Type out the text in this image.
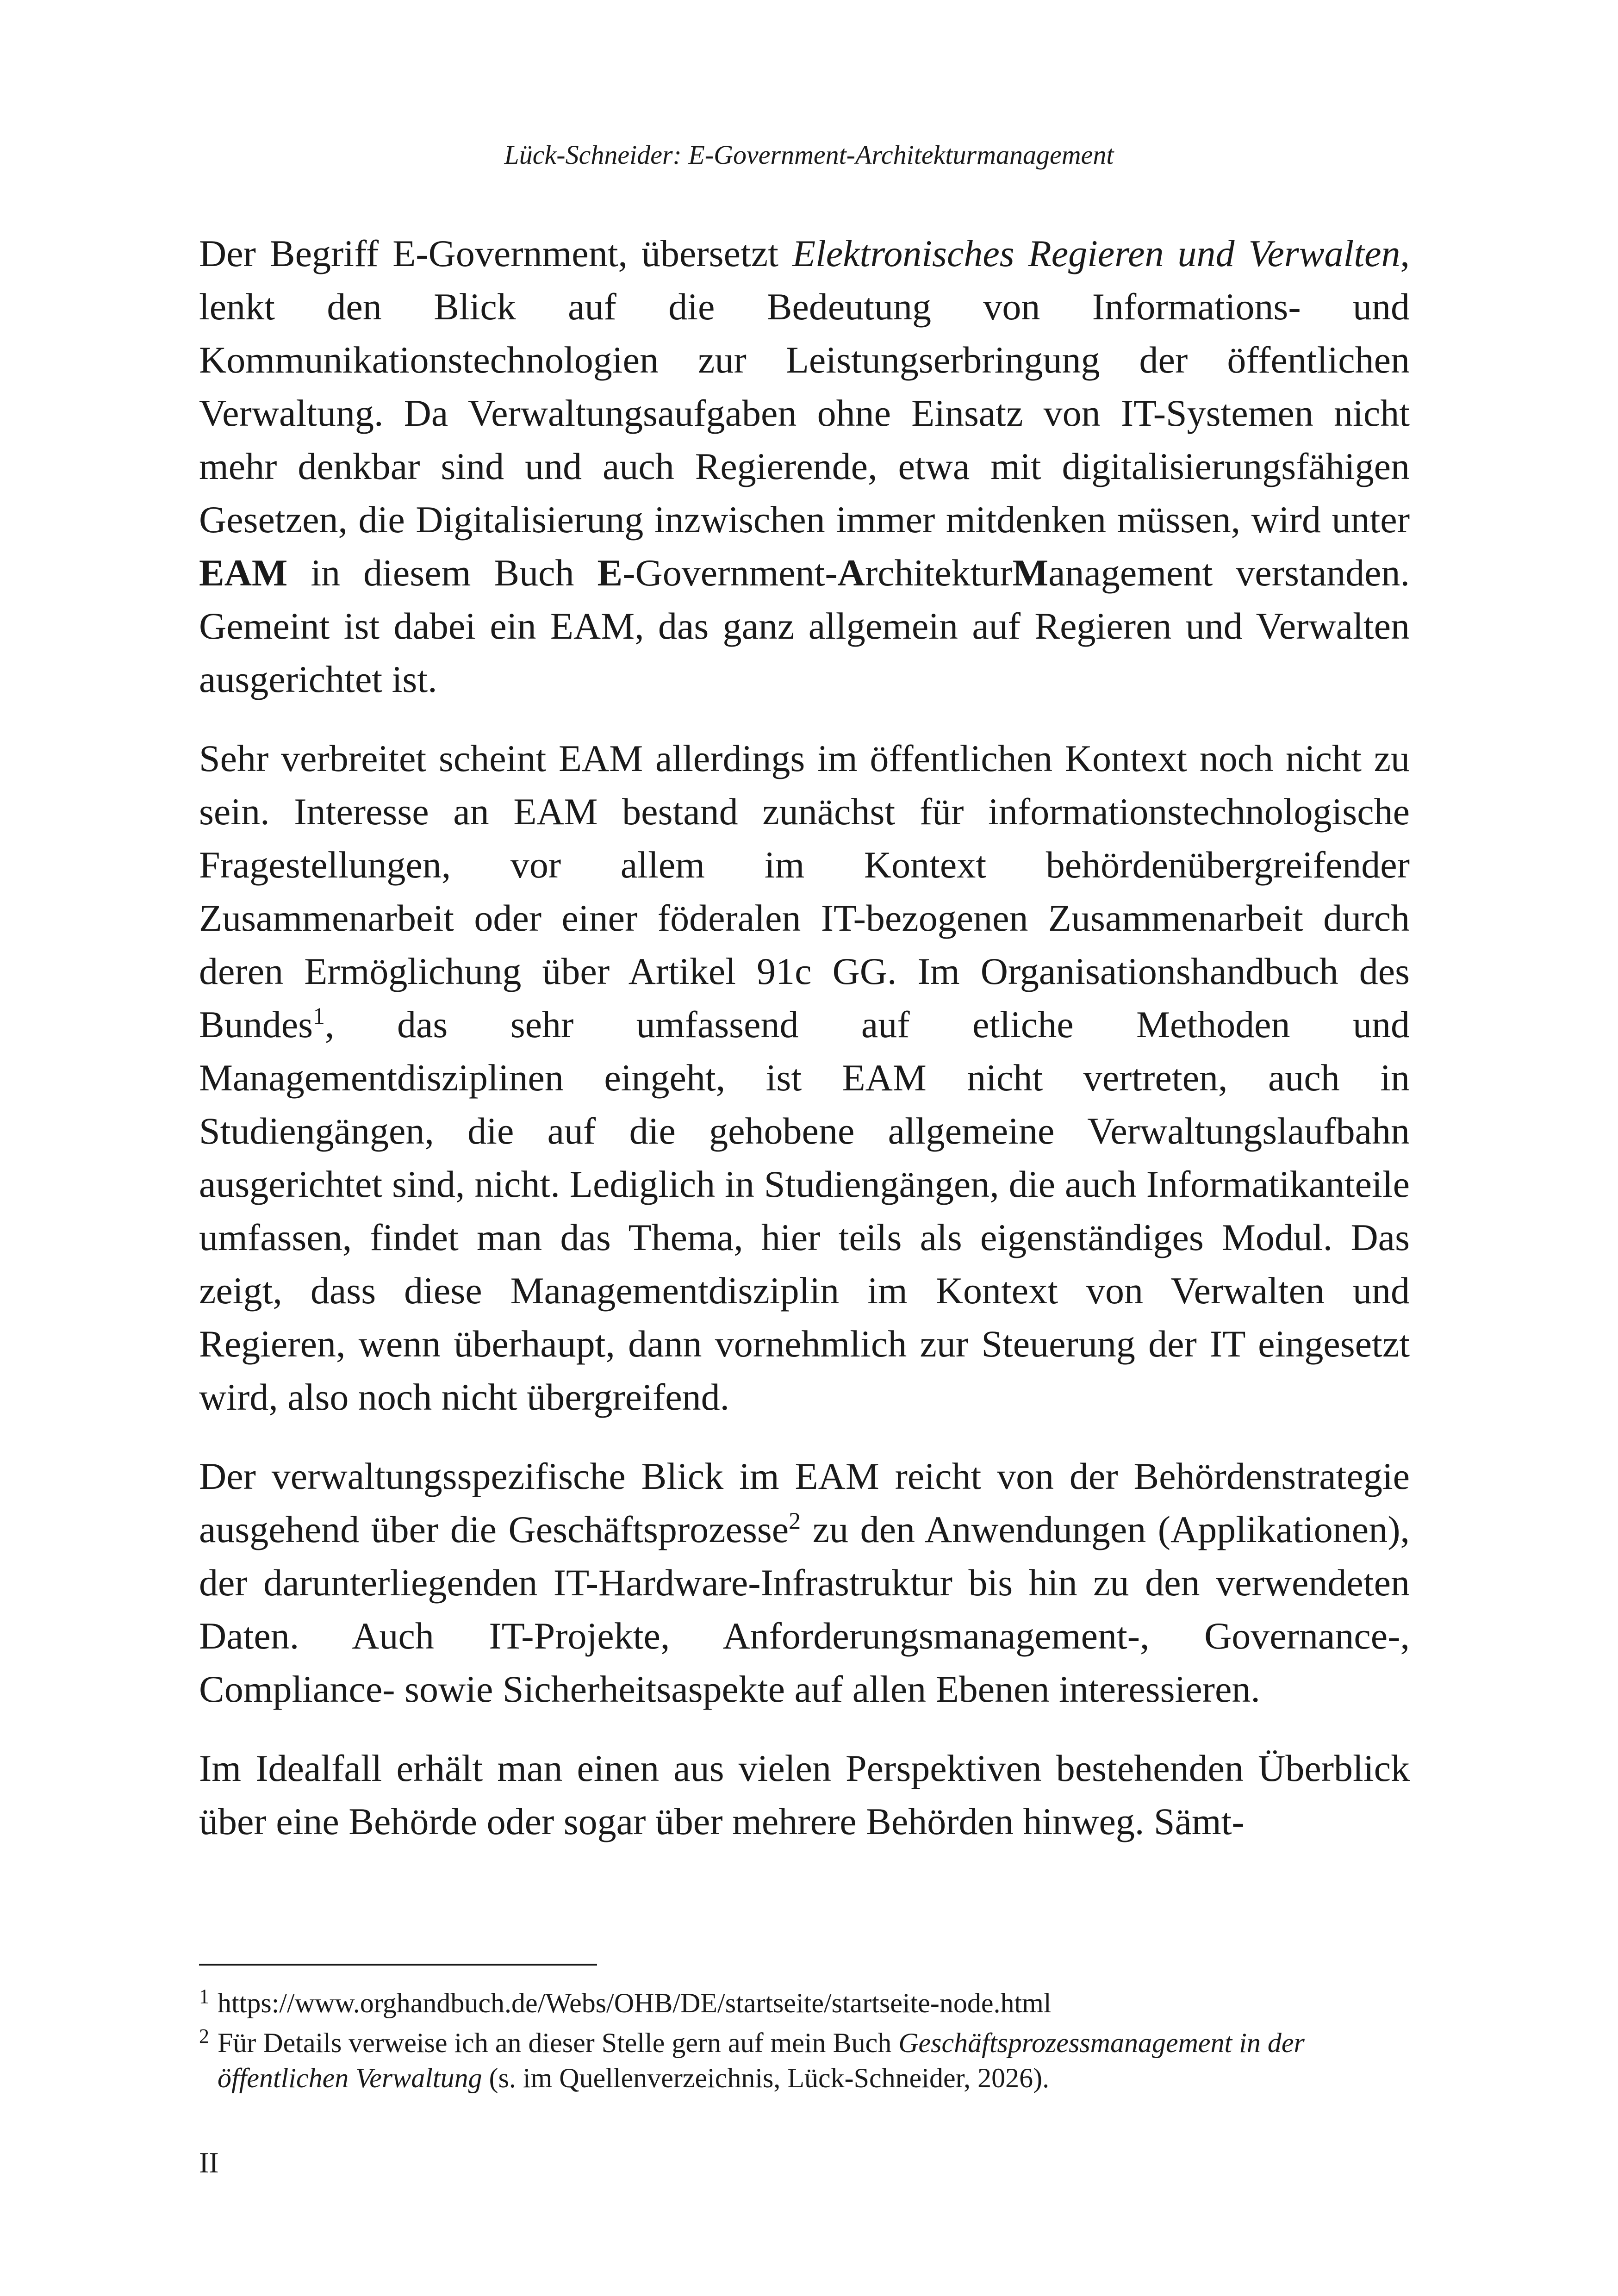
Lück-Schneider: E-Government-Architekturmanagement

Der Begriff E-Government, übersetzt Elektronisches Regieren und Verwalten, lenkt den Blick auf die Bedeutung von Informations- und Kommunikationstechnologien zur Leistungserbringung der öffentlichen Verwaltung. Da Verwaltungsaufgaben ohne Einsatz von IT-Systemen nicht mehr denkbar sind und auch Regierende, etwa mit digitalisierungsfähigen Gesetzen, die Digitalisierung inzwischen immer mitdenken müssen, wird unter EAM in diesem Buch E-Government-ArchitekturManagement verstanden. Gemeint ist dabei ein EAM, das ganz allgemein auf Regieren und Verwalten ausgerichtet ist.

Sehr verbreitet scheint EAM allerdings im öffentlichen Kontext noch nicht zu sein. Interesse an EAM bestand zunächst für informationstechnologische Fragestellungen, vor allem im Kontext behördenübergreifender Zusammenarbeit oder einer föderalen IT-bezogenen Zusammenarbeit durch deren Ermöglichung über Artikel 91c GG. Im Organisationshandbuch des Bundes$^1$, das sehr umfassend auf etliche Methoden und Managementdisziplinen eingeht, ist EAM nicht vertreten, auch in Studiengängen, die auf die gehobene allgemeine Verwaltungslaufbahn ausgerichtet sind, nicht. Lediglich in Studiengängen, die auch Informatikanteile umfassen, findet man das Thema, hier teils als eigenständiges Modul. Das zeigt, dass diese Managementdisziplin im Kontext von Verwalten und Regieren, wenn überhaupt, dann vornehmlich zur Steuerung der IT eingesetzt wird, also noch nicht übergreifend.

Der verwaltungsspezifische Blick im EAM reicht von der Behördenstrategie ausgehend über die Geschäftsprozesse$^2$ zu den Anwendungen (Applikationen), der darunterliegenden IT-Hardware-Infrastruktur bis hin zu den verwendeten Daten. Auch IT-Projekte, Anforderungsmanagement-, Governance-, Compliance- sowie Sicherheitsaspekte auf allen Ebenen interessieren.

Im Idealfall erhält man einen aus vielen Perspektiven bestehenden Überblick über eine Behörde oder sogar über mehrere Behörden hinweg. Sämt-

1 https://www.orghandbuch.de/Webs/OHB/DE/startseite/startseite-node.html

2 Für Details verweise ich an dieser Stelle gern auf mein Buch Geschäftsprozessmanagement in der öffentlichen Verwaltung (s. im Quellenverzeichnis, Lück-Schneider, 2026).

II
